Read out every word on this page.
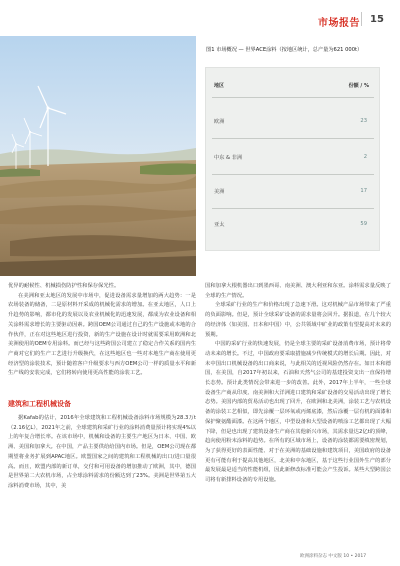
市场报告 15
图1 市场概况 — 世界ACE涂料（按地区统计，总产量为621 000t）
地区	份额 / %
欧洲	23
中东 & 非洲	2
美洲	17
亚太	59

优异的耐候性、机械损伤防护性和保存保光性。

在美洲和亚太地区的发展中市场中，促进设备需求量增加的两大趋势：一是农场装备的储备，二是原材料开采成的机械化需求的增加。在亚太地区，人口上升趋势的影响，都市化的发展以及农业机械化的迅速发展，都成为农业设备和相关涂料需求增长的主要驱动因素。跨国OEM公司通过自己的生产设施或本地的合作伙伴，正在对这些地区进行投资，新的生产设施在设计时就需要采用欧洲和北美洲使用的OEM专用涂料。而已经与这些跨国公司建立了稳定合作关系的国内生产商对它们的生产工艺进行升级换代，在这些地区也一些对本地生产商在使用更经济型的涂装技术，预计随着客户升级要求与西方OEM公司一样的质量水平和新生产线的安装完成，它们将转向使用更高性能的涂装工艺。

建筑和工程机械设备

据Kafab的估计，2016年全球建筑和工程机械设备涂料市场规模为28.3万t（2.16亿L），2021年之前，全球建筑和采矿行业的涂料消费量预计将实现4%以上的年复合增长率。在该市场中，机械和设备的主要生产地区为日本、中国、欧洲、美国和加拿大。在中国，产品主要供给给国内市场。但是，OEM公司现在都期望将业务扩展到APAC地区。欧盟国家之间的建筑和工程机械的出口/进口量很高。而且，欧盟内部的新订单，交付和可用设备的增加推动了欧洲，其中，德国是世界第二大农机市场，占全球涂料需求的份额达到了23%。美洲是世界第五大涂料消费市场，其中，美

国和加拿大根机器出口到墨西哥、南美洲、澳大利亚和东亚。涂料需求量反映了全球的生产情况。

全球采矿行业的生产和价格出现了急速下滑。这对机械产品市场带来了严重的负面影响。但是，预计全球采矿设备的需求量将会回升。据报道，在几个较大的经济体（如美国、日本和中国）中，公共领域中矿业的政策有望提高对未来的预期。

中国的采矿行业的快速发展，仍是全球主要的采矿设备消费市场，预计将带动未来的增长。不过，中国政府要采取措施减少传统模式的增长后期。因此，对未中国出口机械设备的出口商来说，与此相关的近视风险仍然存在。如日本和德国，在美国，自2017年初以来，石油和天然气公司的基建投资支出一直保持增长态势。预计此类情况会带来进一步的改善。此外，2017年上半年，一些全球设备生产商从印度、南美洲和大洋洲进口建筑和采矿设备的交易活动出现了增长态势。美国内部的贸易活动也出现了回升，在欧洲和北美洲，涂装工艺与农机设备的涂装工艺相似，即先涂覆一层环氧或丙烯底漆，然后涂覆一层有机的面漆和保护聚氨酯面漆。在这两个地区，中型设备和大型设备的喷涂工艺都出现了大幅下降，但是也出现了建筑设备生产商在其他新兴市场，其需求量达2亿t的顶峰，趋向使用粉末涂料的趋势。在所有的区域市场上，设备的涂装都需要缜密规划，为了获得更好的表面性能、对于在美洲的基础设施和建筑项目，美国政府的设备更有可能有利于提高其他地区，北美和中东地区，基于这些行业国外生产的部分最发展最是适当的性能机组，因此新修改标准可能会产生投诉。某些大型跨国公司将有新排料设备的专用设施。

欧洲涂料杂志 中文版 10 • 2017
